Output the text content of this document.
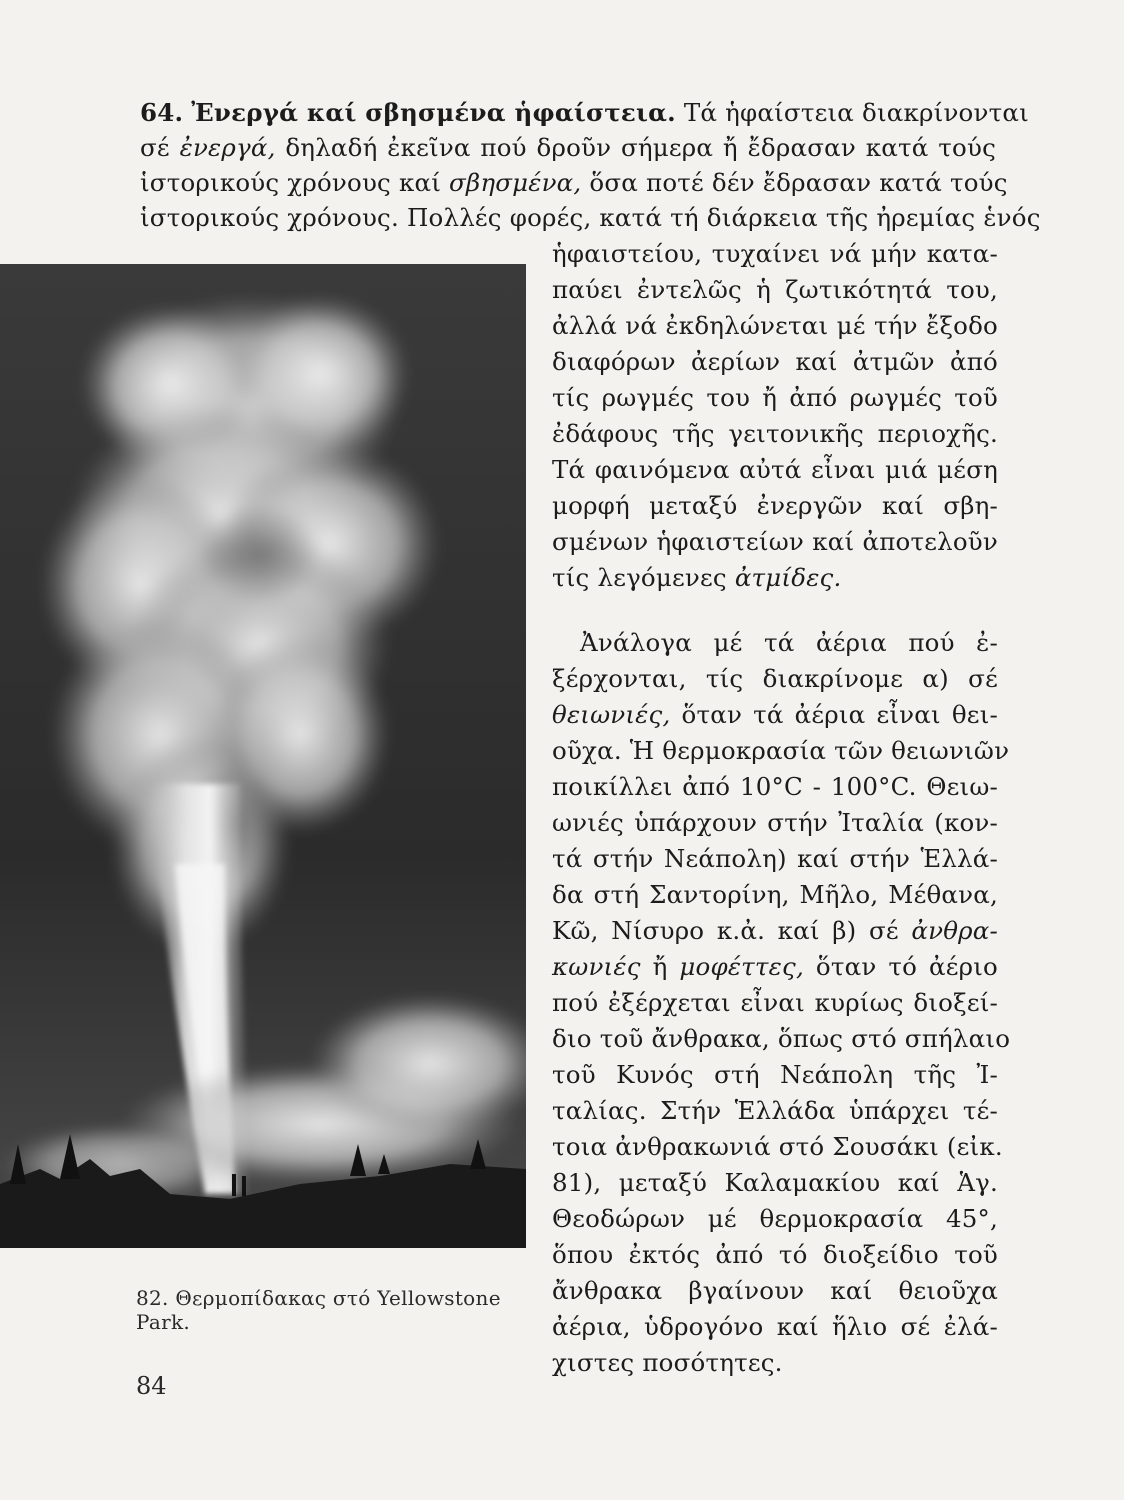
64. Ἐνεργά καί σβησμένα ἡφαίστεια. Τά ἡφαίστεια διακρίνονται
σέ ἐνεργά, δηλαδή ἐκεῖνα πού δροῦν σήμερα ἤ ἔδρασαν κατά τούς
ἱστορικούς χρόνους καί σβησμένα, ὅσα ποτέ δέν ἔδρασαν κατά τούς
ἱστορικούς χρόνους. Πολλές φορές, κατά τή διάρκεια τῆς ἠρεμίας ἑνός
ἡφαιστείου, τυχαίνει νά μήν κατα-
παύει ἐντελῶς ἡ ζωτικότητά του,
ἀλλά νά ἐκδηλώνεται μέ τήν ἔξοδο
διαφόρων ἀερίων καί ἀτμῶν ἀπό
τίς ρωγμές του ἤ ἀπό ρωγμές τοῦ
ἐδάφους τῆς γειτονικῆς περιοχῆς.
Τά φαινόμενα αὐτά εἶναι μιά μέση
μορφή μεταξύ ἐνεργῶν καί σβη-
σμένων ἡφαιστείων καί ἀποτελοῦν
τίς λεγόμενες ἀτμίδες.
Ἀνάλογα μέ τά ἀέρια πού ἐ-
ξέρχονται, τίς διακρίνομε α) σέ
θειωνιές, ὅταν τά ἀέρια εἶναι θει-
οῦχα. Ἡ θερμοκρασία τῶν θειωνιῶν
ποικίλλει ἀπό 10°C - 100°C. Θειω-
ωνιές ὑπάρχουν στήν Ἰταλία (κον-
τά στήν Νεάπολη) καί στήν Ἑλλά-
δα στή Σαντορίνη, Μῆλο, Μέθανα,
Κῶ, Νίσυρο κ.ἀ. καί β) σέ ἀνθρα-
κωνιές ἤ μοφέττες, ὅταν τό ἀέριο
πού ἐξέρχεται εἶναι κυρίως διοξεί-
διο τοῦ ἄνθρακα, ὅπως στό σπήλαιο
τοῦ Κυνός στή Νεάπολη τῆς Ἰ-
ταλίας. Στήν Ἑλλάδα ὑπάρχει τέ-
τοια ἀνθρακωνιά στό Σουσάκι (εἰκ.
81), μεταξύ Καλαμακίου καί Ἁγ.
Θεοδώρων μέ θερμοκρασία 45°,
ὅπου ἐκτός ἀπό τό διοξείδιο τοῦ
ἄνθρακα βγαίνουν καί θειοῦχα
ἀέρια, ὑδρογόνο καί ἥλιο σέ ἐλά-
χιστες ποσότητες.
82. Θερμοπίδακας στό Yellowstone
Park.
84
